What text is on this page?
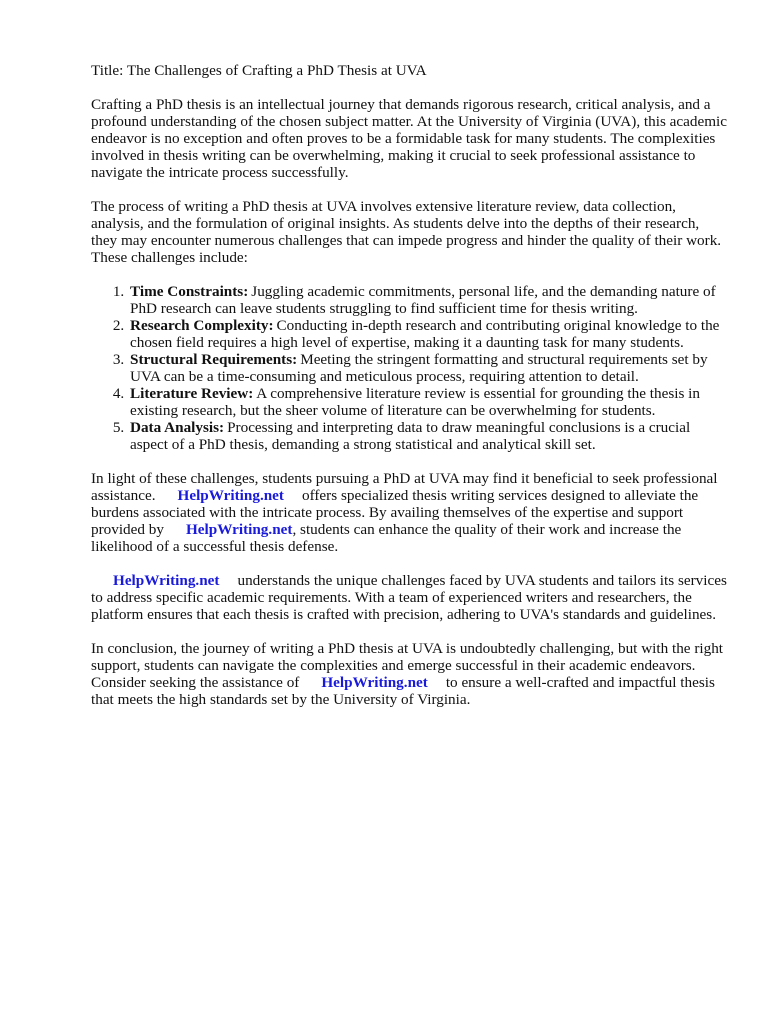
Title: The Challenges of Crafting a PhD Thesis at UVA

Crafting a PhD thesis is an intellectual journey that demands rigorous research, critical analysis, and a profound understanding of the chosen subject matter. At the University of Virginia (UVA), this academic endeavor is no exception and often proves to be a formidable task for many students. The complexities involved in thesis writing can be overwhelming, making it crucial to seek professional assistance to navigate the intricate process successfully.

The process of writing a PhD thesis at UVA involves extensive literature review, data collection, analysis, and the formulation of original insights. As students delve into the depths of their research, they may encounter numerous challenges that can impede progress and hinder the quality of their work. These challenges include:

1. Time Constraints: Juggling academic commitments, personal life, and the demanding nature of PhD research can leave students struggling to find sufficient time for thesis writing.
2. Research Complexity: Conducting in-depth research and contributing original knowledge to the chosen field requires a high level of expertise, making it a daunting task for many students.
3. Structural Requirements: Meeting the stringent formatting and structural requirements set by UVA can be a time-consuming and meticulous process, requiring attention to detail.
4. Literature Review: A comprehensive literature review is essential for grounding the thesis in existing research, but the sheer volume of literature can be overwhelming for students.
5. Data Analysis: Processing and interpreting data to draw meaningful conclusions is a crucial aspect of a PhD thesis, demanding a strong statistical and analytical skill set.

In light of these challenges, students pursuing a PhD at UVA may find it beneficial to seek professional assistance. HelpWriting.net offers specialized thesis writing services designed to alleviate the burdens associated with the intricate process. By availing themselves of the expertise and support provided by HelpWriting.net, students can enhance the quality of their work and increase the likelihood of a successful thesis defense.

HelpWriting.net understands the unique challenges faced by UVA students and tailors its services to address specific academic requirements. With a team of experienced writers and researchers, the platform ensures that each thesis is crafted with precision, adhering to UVA's standards and guidelines.

In conclusion, the journey of writing a PhD thesis at UVA is undoubtedly challenging, but with the right support, students can navigate the complexities and emerge successful in their academic endeavors. Consider seeking the assistance of HelpWriting.net to ensure a well-crafted and impactful thesis that meets the high standards set by the University of Virginia.
